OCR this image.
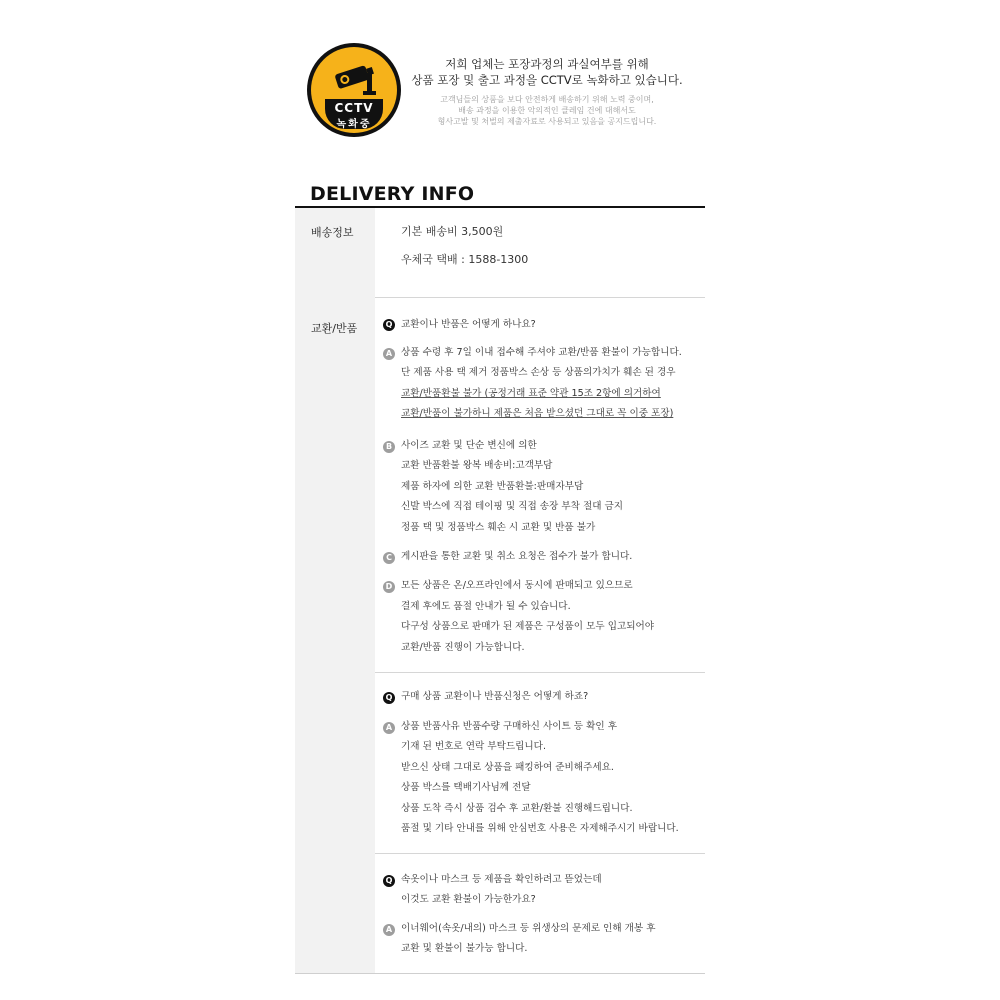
CCTV
녹화중
저희 업체는 포장과정의 과실여부를 위해
상품 포장 및 출고 과정을 CCTV로 녹화하고 있습니다.
고객님들의 상품을 보다 안전하게 배송하기 위해 노력 중이며,
배송 과정을 이용한 악의적인 클레임 건에 대해서도
형사고발 및 처벌의 제출자료로 사용되고 있음을 공지드립니다.
DELIVERY INFO
배송정보	기본 배송비 3,500원
우체국 택배 : 1588-1300
교환/반품	Q 교환이나 반품은 어떻게 하나요?
A 상품 수령 후 7일 이내 접수해 주셔야 교환/반품 환불이 가능합니다.
단 제품 사용 택 제거 정품박스 손상 등 상품의가치가 훼손 된 경우
교환/반품환불 불가 (공정거래 표준 약관 15조 2항에 의거하여
교환/반품이 불가하니 제품은 처음 받으셨던 그대로 꼭 이중 포장)
B 사이즈 교환 및 단순 변신에 의한
교환 반품환불 왕복 배송비:고객부담
제품 하자에 의한 교환 반품환불:판매자부담
신발 박스에 직접 테이핑 및 직접 송장 부착 절대 금지
정품 택 및 정품박스 훼손 시 교환 및 반품 불가
C 게시판을 통한 교환 및 취소 요청은 접수가 불가 합니다.
D 모든 상품은 온/오프라인에서 동시에 판매되고 있으므로
결제 후에도 품절 안내가 될 수 있습니다.
다구성 상품으로 판매가 된 제품은 구성품이 모두 입고되어야
교환/반품 진행이 가능합니다.
Q 구매 상품 교환이나 반품신청은 어떻게 하죠?
A 상품 반품사유 반품수량 구매하신 사이트 등 확인 후
기재 된 번호로 연락 부탁드립니다.
받으신 상태 그대로 상품을 패킹하여 준비해주세요.
상품 박스를 택배기사님께 전달
상품 도착 즉시 상품 검수 후 교환/환불 진행해드립니다.
품절 및 기타 안내를 위해 안심번호 사용은 자제해주시기 바랍니다.
Q 속옷이나 마스크 등 제품을 확인하려고 뜯었는데
이것도 교환 환불이 가능한가요?
A 이너웨어(속옷/내의) 마스크 등 위생상의 문제로 인해 개봉 후
교환 및 환불이 불가능 합니다.
